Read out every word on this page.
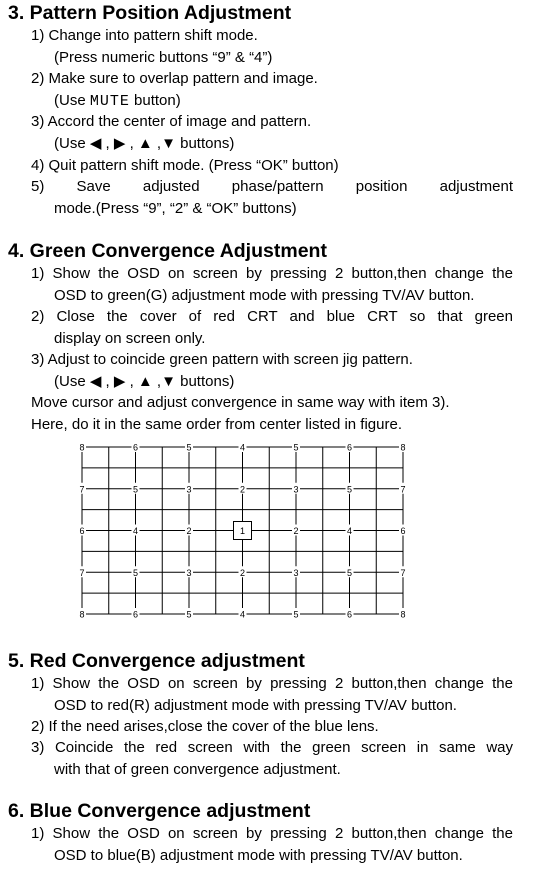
3. Pattern Position Adjustment

1) Change into pattern shift mode.

(Press numeric buttons “9” & “4”)

2) Make sure to overlap pattern and image.

(Use MUTE button)

3) Accord the center of image and pattern.

(Use ◀ , ▶ , ▲ ,▼ buttons)

4) Quit pattern shift mode. (Press “OK” button)

5) Save adjusted phase/pattern position adjustment

mode.(Press “9”, “2” & “OK” buttons)

4. Green Convergence Adjustment

1) Show the OSD on screen by pressing 2 button,then change the

OSD to green(G) adjustment mode with pressing TV/AV button.

2) Close the cover of red CRT and blue CRT so that green

display on screen only.

3) Adjust to coincide green pattern with screen jig pattern.

(Use ◀ , ▶ , ▲ ,▼ buttons)

Move cursor and adjust convergence in same way with item 3).

Here, do it in the same order from center listed in figure.

8	6	5	4	5	6	8
7	5	3	2	3	5	7
6	4	2	1	2	4	6
7	5	3	2	3	5	7
8	6	5	4	5	6	8
5. Red Convergence adjustment

1) Show the OSD on screen by pressing 2 button,then change the

OSD to red(R) adjustment mode with pressing TV/AV button.

2) If the need arises,close the cover of the blue lens.

3) Coincide the red screen with the green screen in same way

with that of green convergence adjustment.

6. Blue Convergence adjustment

1) Show the OSD on screen by pressing 2 button,then change the

OSD to blue(B) adjustment mode with pressing TV/AV button.
